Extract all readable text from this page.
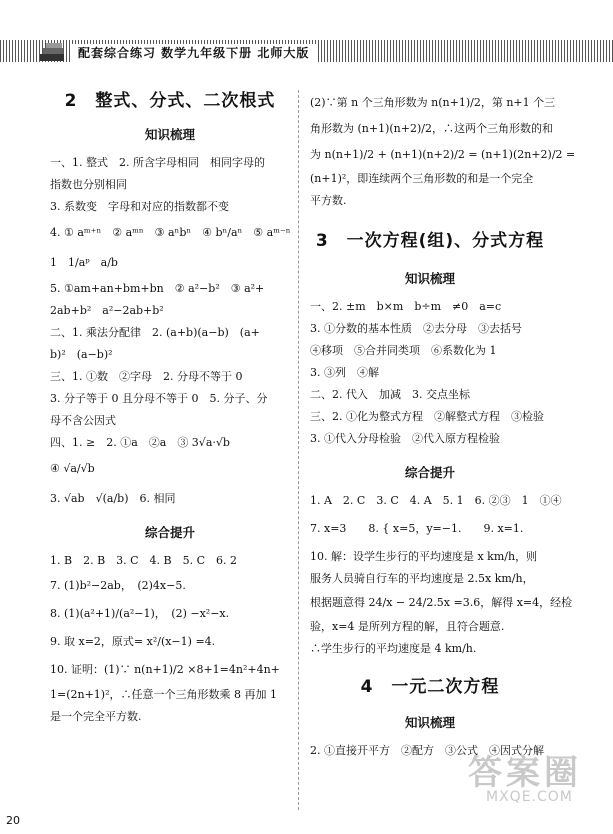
配套综合练习 数学九年级下册 北师大版
2　整式、分式、二次根式
知识梳理
一、1. 整式　2. 所含字母相同　相同字母的
指数也分别相同
3. 系数变　字母和对应的指数都不变
4. ① aᵐ⁺ⁿ　② aᵐⁿ　③ aⁿbⁿ　④ bⁿ/aⁿ　⑤ aᵐ⁻ⁿ
1　1/aᵖ　a/b
5. ①am+an+bm+bn　② a²−b²　③ a²+
2ab+b²　a²−2ab+b²
二、1. 乘法分配律　2. (a+b)(a−b)　(a+
b)²　(a−b)²
三、1. ①数　②字母　2. 分母不等于 0
3. 分子等于 0 且分母不等于 0　5. 分子、分
母不含公因式
四、1. ≥　2. ①a　②a　③ 3√a·√b
④ √a/√b
3. √ab　√(a/b)　6. 相同
综合提升
1. B　2. B　3. C　4. B　5. C　6. 2
7. (1)b²−2ab，　(2)4x−5.
8. (1)(a²+1)/(a²−1)，　(2) −x²−x.
9. 取 x=2，原式= x²/(x−1) =4.
10. 证明：(1)∵ n(n+1)/2 ×8+1=4n²+4n+
1=(2n+1)²，∴任意一个三角形数乘 8 再加 1
是一个完全平方数.
(2)∵第 n 个三角形数为 n(n+1)/2，第 n+1 个三
角形数为 (n+1)(n+2)/2，∴这两个三角形数的和
为 n(n+1)/2 + (n+1)(n+2)/2 = (n+1)(2n+2)/2 =
(n+1)²，即连续两个三角形数的和是一个完全
平方数.
3　一次方程(组)、分式方程
知识梳理
一、2. ±m　b×m　b÷m　≠0　a=c
3. ①分数的基本性质　②去分母　③去括号
④移项　⑤合并同类项　⑥系数化为 1
3. ③列　④解
二、2. 代入　加减　3. 交点坐标
三、2. ①化为整式方程　②解整式方程　③检验
3. ①代入分母检验　②代入原方程检验
综合提升
1. A　2. C　3. C　4. A　5. 1　6. ②③　1　①④
7. x=3　　8. { x=5，y=−1.　　9. x=1.
10. 解：设学生步行的平均速度是 x km/h，则
服务人员骑自行车的平均速度是 2.5x km/h，
根据题意得 24/x − 24/2.5x =3.6，解得 x=4，经检
验，x=4 是所列方程的解，且符合题意.
∴学生步行的平均速度是 4 km/h.
4　一元二次方程
知识梳理
2. ①直接开平方　②配方　③公式　④因式分解
答案圈
MXQE.COM
20
